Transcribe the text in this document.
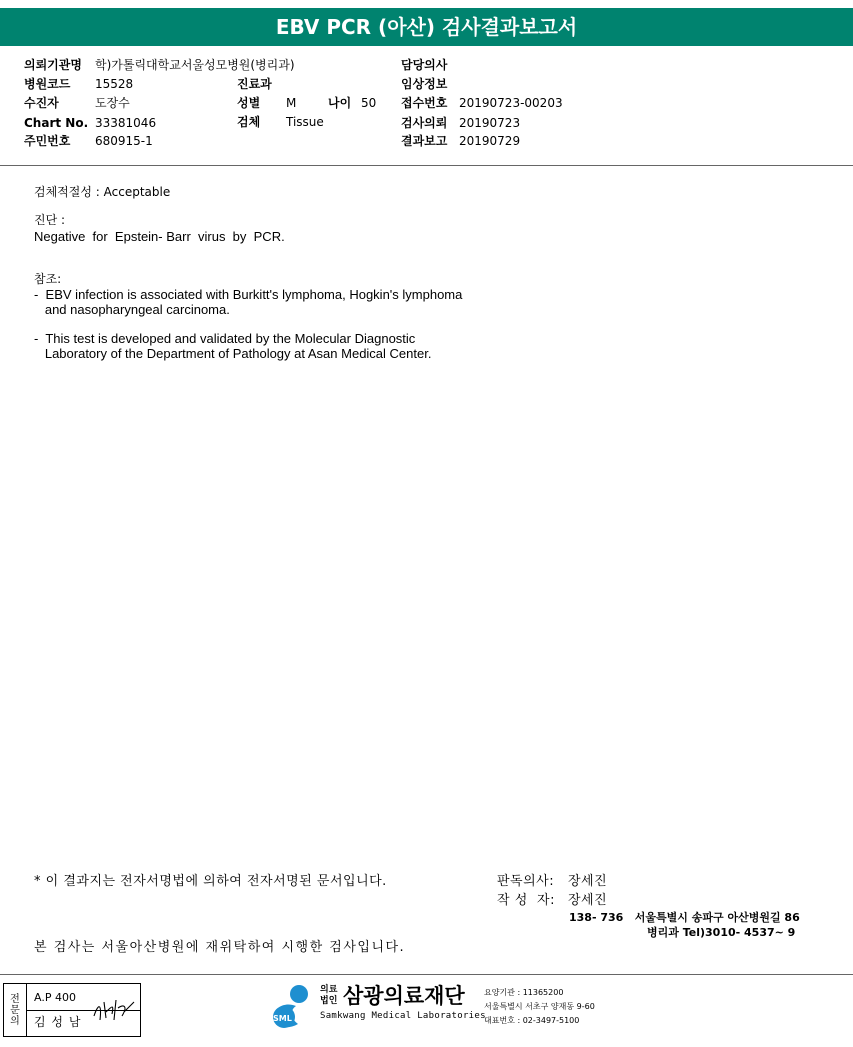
EBV PCR (아산) 검사결과보고서
의뢰기관명 학)가톨릭대학교서울성모병원(병리과)
병원코드 15528
수진자	도장수
Chart No. 33381046
주민번호 680915-1
진료과
성별 M	나이 50
검체 Tissue
담당의사
임상정보
접수번호 20190723-00203
검사의뢰 20190723
결과보고 20190729
검체적절성 : Acceptable
진단 :
Negative  for  Epstein- Barr  virus  by  PCR.
참조:
-  EBV infection is associated with Burkitt's lymphoma, Hogkin's lymphoma
and nasopharyngeal carcinoma.
-  This test is developed and validated by the Molecular Diagnostic
Laboratory of the Department of Pathology at Asan Medical Center.
* 이 결과지는 전자서명법에 의하여 전자서명된 문서입니다.	판독의사: 장세진
작 성  자: 장세진
138- 736   서울특별시 송파구 아산병원길 86
병리과 Tel)3010- 4537~ 9
본 검사는 서울아산병원에 재위탁하여 시행한 검사입니다.
전문의
A.P 400
김 성 남	SML
의료
법인 삼광의료재단
Samkwang Medical Laboratories
요양기관 : 11365200
서울특별시 서초구 양재동 9-60
대표번호 : 02-3497-5100
